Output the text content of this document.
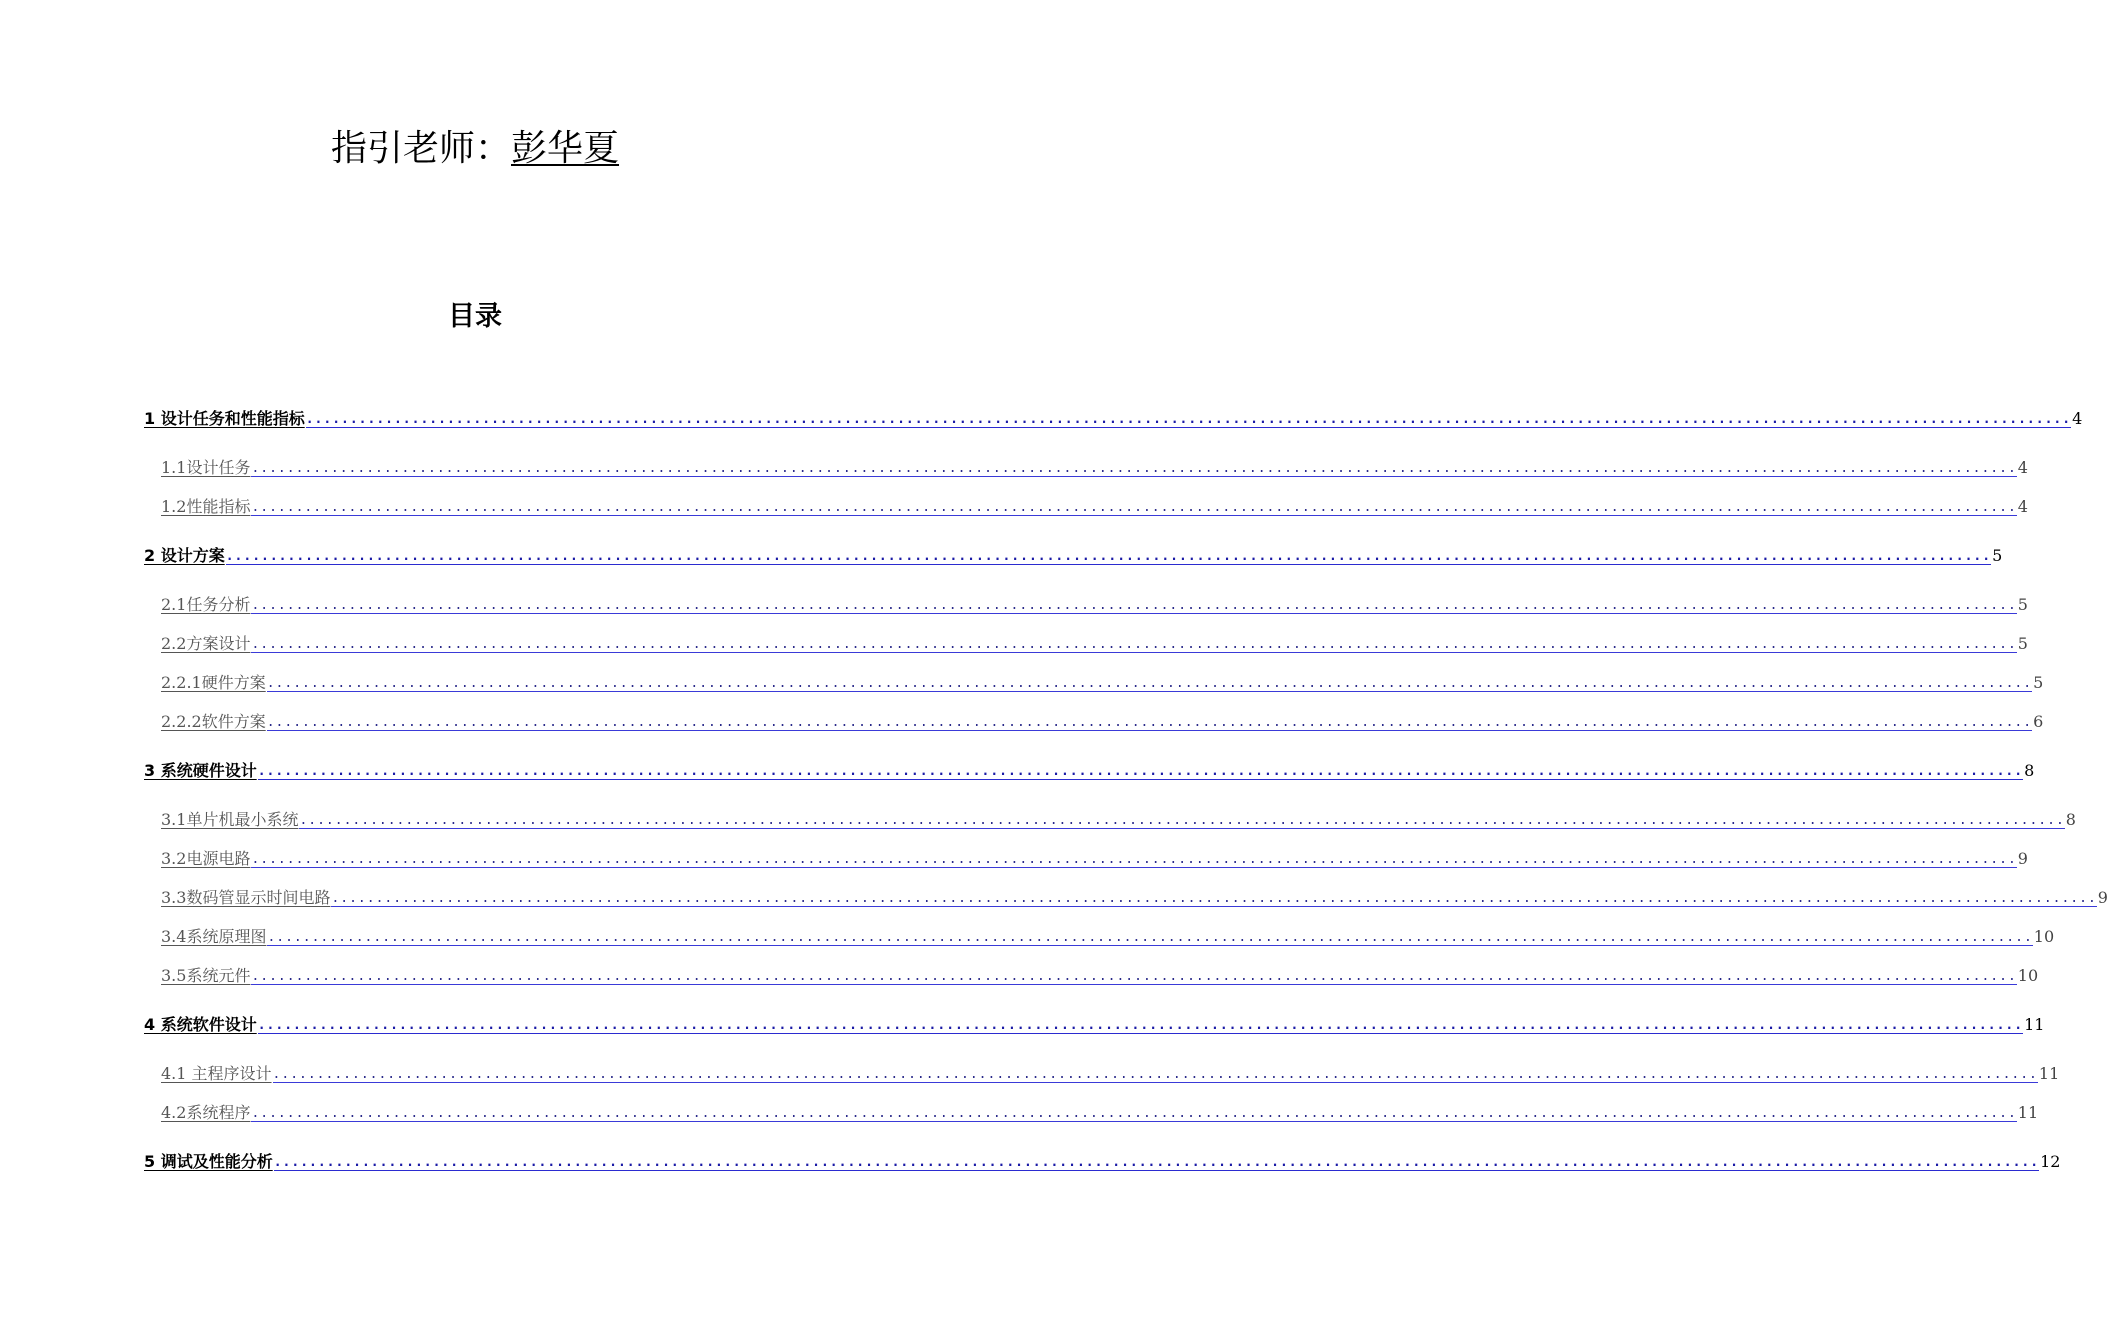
指引老师：彭华夏
目录
1 设计任务和性能指标 ........................................................................................................................................................................................................ 4
1.1设计任务 ........................................................................................................................................................................................................ 4
1.2性能指标 ........................................................................................................................................................................................................ 4
2 设计方案 ........................................................................................................................................................................................................ 5
2.1任务分析 ........................................................................................................................................................................................................ 5
2.2方案设计 ........................................................................................................................................................................................................ 5
2.2.1硬件方案 ........................................................................................................................................................................................................ 5
2.2.2软件方案 ........................................................................................................................................................................................................ 6
3 系统硬件设计 ........................................................................................................................................................................................................ 8
3.1单片机最小系统 ........................................................................................................................................................................................................ 8
3.2电源电路 ........................................................................................................................................................................................................ 9
3.3数码管显示时间电路 ........................................................................................................................................................................................................ 9
3.4系统原理图 ........................................................................................................................................................................................................ 10
3.5系统元件 ........................................................................................................................................................................................................ 10
4 系统软件设计 ........................................................................................................................................................................................................ 11
4.1 主程序设计 ........................................................................................................................................................................................................ 11
4.2系统程序 ........................................................................................................................................................................................................ 11
5 调试及性能分析 ........................................................................................................................................................................................................ 12
